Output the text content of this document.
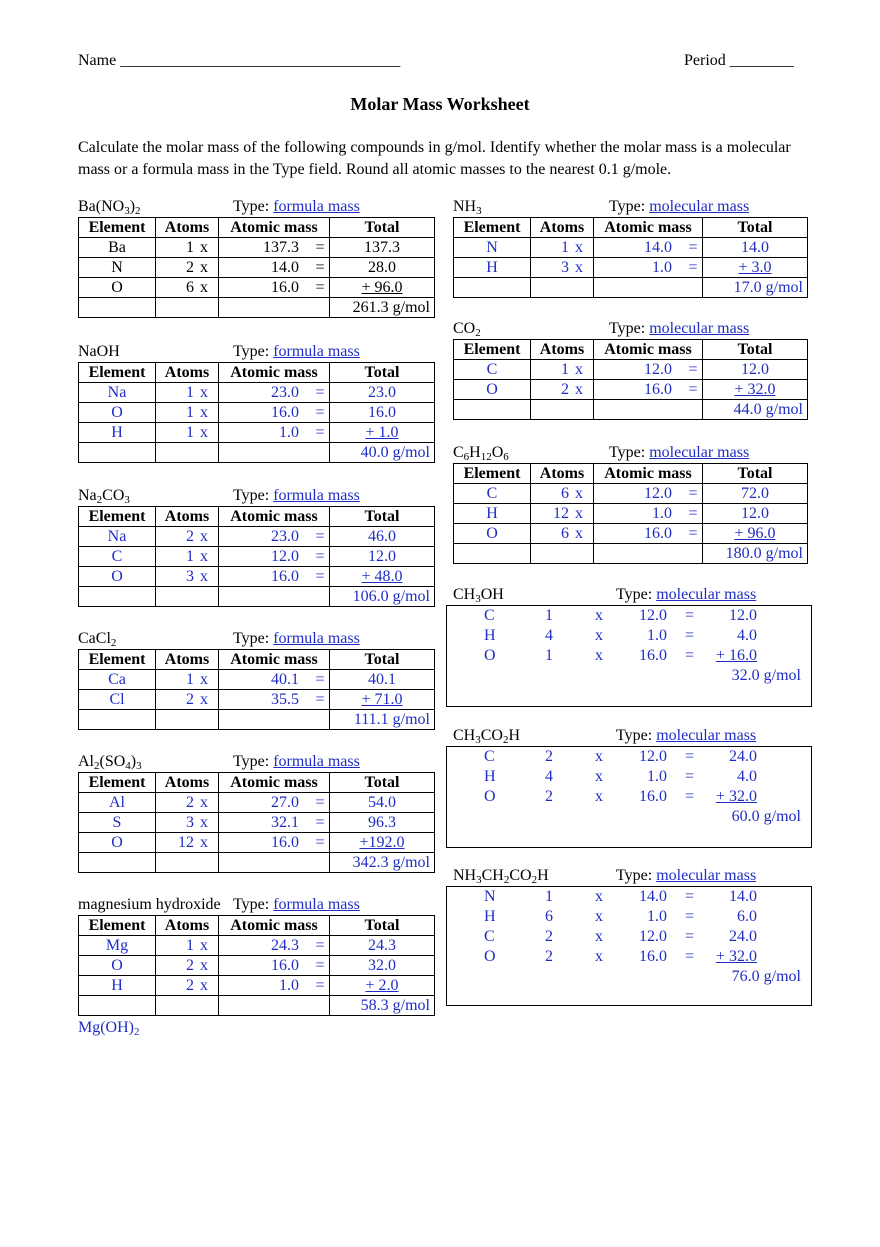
Name ___________________________________	Period ________
Molar Mass Worksheet
Calculate the molar mass of the following compounds in g/mol. Identify whether the molar mass is a molecular mass or a formula mass in the Type field. Round all atomic masses to the nearest 0.1 g/mole.
$Ba(NO_3)_2$	Type: formula mass
Element	Atoms	Atomic mass	Total
Ba	1 x	137.3 =	137.3
N	2 x	14.0 =	28.0
O	6 x	16.0 =	+ 96.0
			261.3 g/mol
NaOH	Type: formula mass
Element	Atoms	Atomic mass	Total
Na	1 x	23.0 =	23.0
O	1 x	16.0 =	16.0
H	1 x	1.0 =	+ 1.0
			40.0 g/mol
$Na_2CO_3$	Type: formula mass
Element	Atoms	Atomic mass	Total
Na	2 x	23.0 =	46.0
C	1 x	12.0 =	12.0
O	3 x	16.0 =	+ 48.0
			106.0 g/mol
CaCl$_2$	Type: formula mass
Element	Atoms	Atomic mass	Total
Ca	1 x	40.1 =	40.1
Cl	2 x	35.5 =	+ 71.0
			111.1 g/mol
$Al_2(SO_4)_3$	Type: formula mass
Element	Atoms	Atomic mass	Total
Al	2 x	27.0 =	54.0
S	3 x	32.1 =	96.3
O	12 x	16.0 =	+192.0
			342.3 g/mol
magnesium hydroxide Type: formula mass
Element	Atoms	Atomic mass	Total
Mg	1 x	24.3 =	24.3
O	2 x	16.0 =	32.0
H	2 x	1.0 =	+ 2.0
			58.3 g/mol
$NH_3$	Type: molecular mass
Element	Atoms	Atomic mass	Total
N	1 x	14.0 =	14.0
H	3 x	1.0 =	+ 3.0
			17.0 g/mol
$CO_2$	Type: molecular mass
Element	Atoms	Atomic mass	Total
C	1 x	12.0 =	12.0
O	2 x	16.0 =	+ 32.0
			44.0 g/mol
$C_6H_{12}O_6$	Type: molecular mass
Element	Atoms	Atomic mass	Total
C	6 x	12.0 =	72.0
H	12 x	1.0 =	12.0
O	6 x	16.0 =	+ 96.0
			180.0 g/mol
$CH_3OH$	Type: molecular mass
C	1	x	12.0 =	12.0
H	4	x	1.0 =	4.0
O	1	x	16.0 =	+ 16.0
32.0 g/mol
$CH_3CO_2H$	Type: molecular mass
C	2	x	12.0 =	24.0
H	4	x	1.0 =	4.0
O	2	x	16.0 =	+ 32.0
60.0 g/mol
$NH_3CH_2CO_2H$	Type: molecular mass
N	1	x	14.0 =	14.0
H	6	x	1.0 =	6.0
C	2	x	12.0 =	24.0
O	2	x	16.0 =	+ 32.0
76.0 g/mol
$Mg(OH)_2$
